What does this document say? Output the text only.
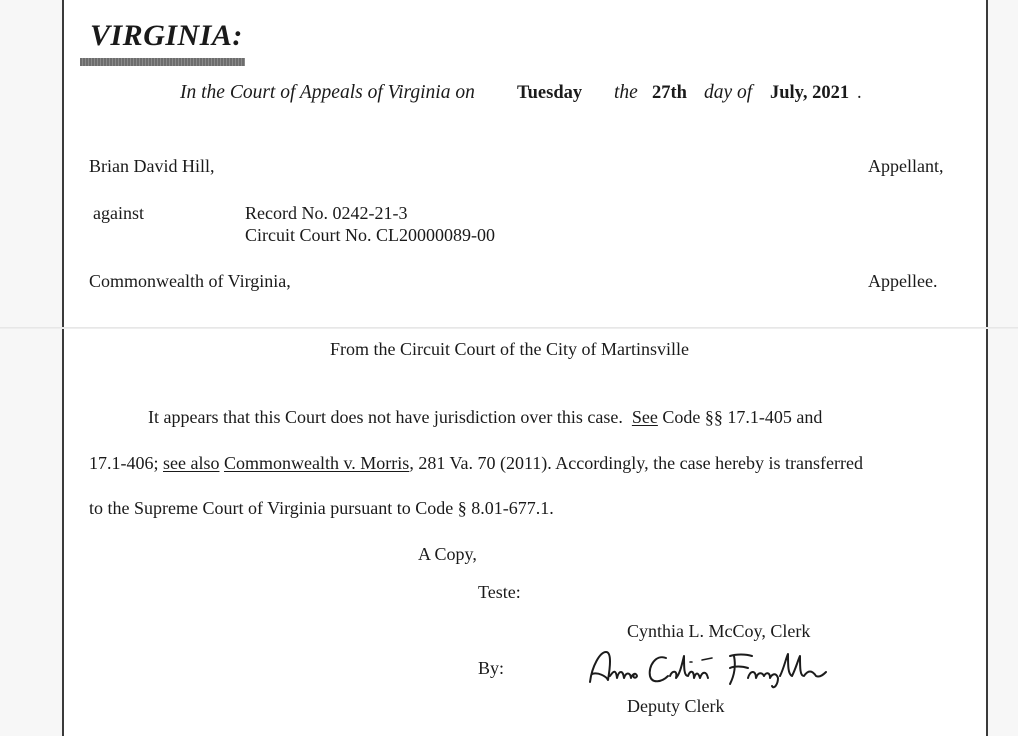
VIRGINIA:
In the Court of Appeals of Virginia on Tuesday the 27th day of July, 2021 .
Brian David Hill,	Appellant,
against	Record No. 0242-21-3
Circuit Court No. CL20000089-00
Commonwealth of Virginia,	Appellee.
From the Circuit Court of the City of Martinsville
It appears that this Court does not have jurisdiction over this case. See Code §§ 17.1-405 and
17.1-406; see also Commonwealth v. Morris, 281 Va. 70 (2011). Accordingly, the case hereby is transferred
to the Supreme Court of Virginia pursuant to Code § 8.01-677.1.
A Copy,
Teste:
Cynthia L. McCoy, Clerk
By:
Deputy Clerk
